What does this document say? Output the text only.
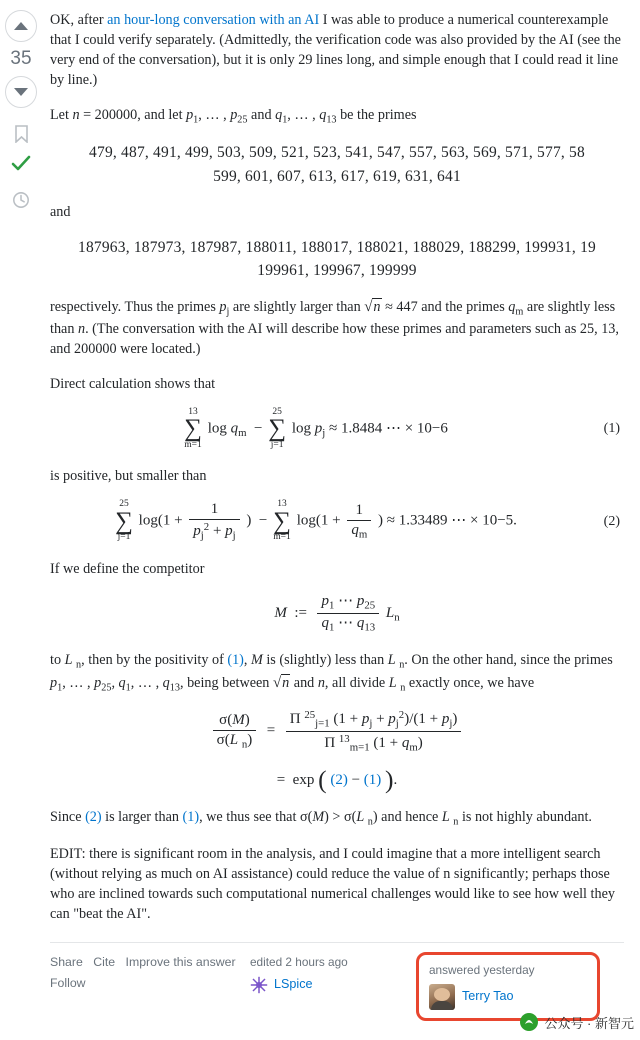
35

OK, after an hour-long conversation with an AI I was able to produce a numerical counterexample that I could verify separately. (Admittedly, the verification code was also provided by the AI (see the very end of the conversation), but it is only 29 lines long, and simple enough that I could read it line by line.)

Let n = 200000, and let $p_1$, … , $p_{25}$ and $q_1$, … , $q_{13}$ be the primes

479, 487, 491, 499, 503, 509, 521, 523, 541, 547, 557, 563, 569, 571, 577, 58
599, 601, 607, 613, 617, 619, 631, 641

and

187963, 187973, 187987, 188011, 188017, 188021, 188029, 188299, 199931, 19
199961, 199967, 199999

respectively. Thus the primes $p_j$ are slightly larger than √n ≈ 447 and the primes $q_m$ are slightly less than n. (The conversation with the AI will describe how these primes and parameters such as 25, 13, and 200000 were located.)

Direct calculation shows that

13
∑
m=1
$\log q_m$  −
25
∑
j=1
$\log p_j \approx 1.8484$ ⋯ × 10−6	(1)

is positive, but smaller than

25
∑
j=1
$\log(1 + \frac{1}{p_j^2 + p_j}$ )  −
13
∑
m=1
$\log(1 + \frac{1}{q_m}$ ) ≈ 1.33489 ⋯ × 10−5.	(2)

If we define the competitor

M  := $\frac{p_1 \cdots p_{25}}{q_1 \cdots q_{13}} L_n$

to L $_n$, then by the positivity of (1), M is (slightly) less than L $_n$. On the other hand, since the primes $p_1$, … , $p_{25}$, $q_1$, … , $q_{13}$, being between √n and n, all divide L $_n$ exactly once, we have

$\frac{\sigma(M)}{\sigma(L _n)} = \frac{\Pi ^{25}_{j=1} (1 + p_j + p_j^2)/(1 + p_j)}{\Pi ^{13}_{m=1} (1 + q_m)}$
=  exp ( (2) − (1) ).

Since (2) is larger than (1), we thus see that σ(M) > σ(L $_n$) and hence L $_n$ is not highly abundant.

EDIT: there is significant room in the analysis, and I could imagine that a more intelligent search (without relying as much on AI assistance) could reduce the value of n significantly; perhaps those who are inclined towards such computational numerical challenges would like to see how well they can "beat the AI".

Share Cite Improve this answer
Follow
edited 2 hours ago
LSpice
answered yesterday
Terry Tao
公众号 · 新智元
